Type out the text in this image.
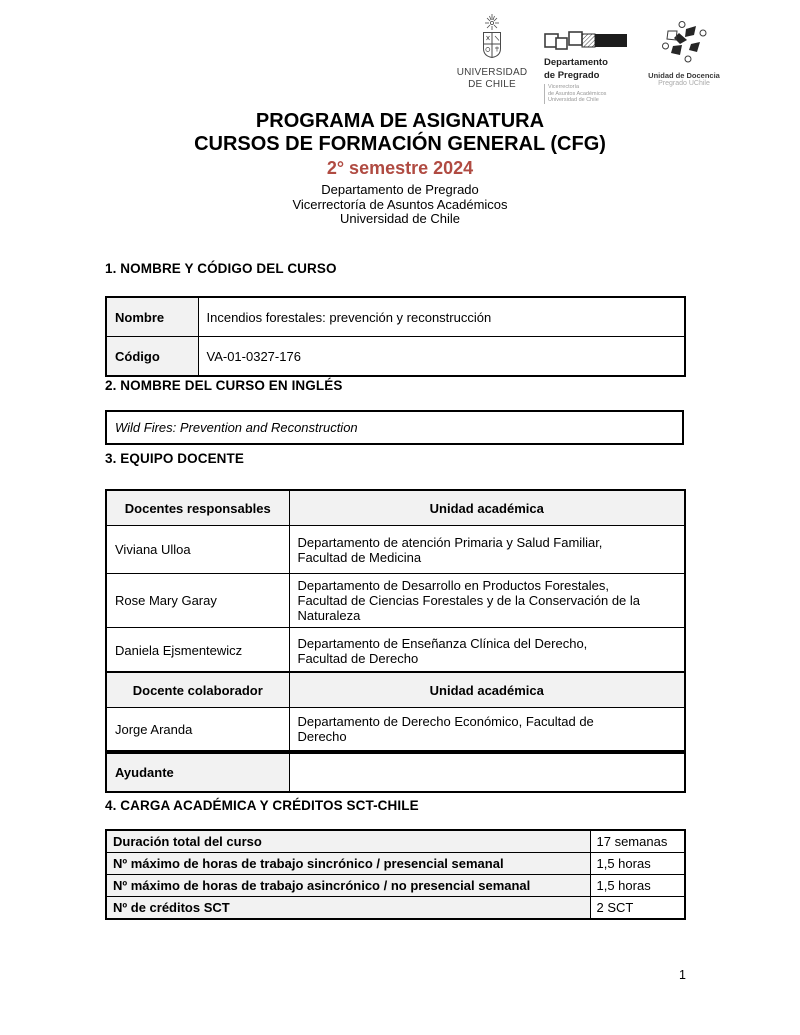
UNIVERSIDAD
DE CHILE
Departamento
de Pregrado
Vicerrectoría
de Asuntos Académicos
Universidad de Chile
Unidad de Docencia
Pregrado UChile
PROGRAMA DE ASIGNATURA
CURSOS DE FORMACIÓN GENERAL (CFG)
2° semestre 2024
Departamento de Pregrado
Vicerrectoría de Asuntos Académicos
Universidad de Chile
1. NOMBRE Y CÓDIGO DEL CURSO
Nombre	Incendios forestales: prevención y reconstrucción
Código	VA-01-0327-176
2. NOMBRE DEL CURSO EN INGLÉS
Wild Fires: Prevention and Reconstruction
3. EQUIPO DOCENTE
Docentes responsables	Unidad académica
Viviana Ulloa	Departamento de atención Primaria y Salud Familiar,
Facultad de Medicina

Rose Mary Garay	Departamento de Desarrollo en Productos Forestales,
Facultad de Ciencias Forestales y de la Conservación de la
Naturaleza

Daniela Ejsmentewicz	Departamento de Enseñanza Clínica del Derecho,
Facultad de Derecho
Docente colaborador	Unidad académica
Jorge Aranda	Departamento de Derecho Económico, Facultad de
Derecho
Ayudante	
4. CARGA ACADÉMICA Y CRÉDITOS SCT-CHILE
Duración total del curso	17 semanas
Nº máximo de horas de trabajo sincrónico / presencial semanal	1,5 horas
Nº máximo de horas de trabajo asincrónico / no presencial semanal	1,5 horas
Nº de créditos SCT	2 SCT
1
